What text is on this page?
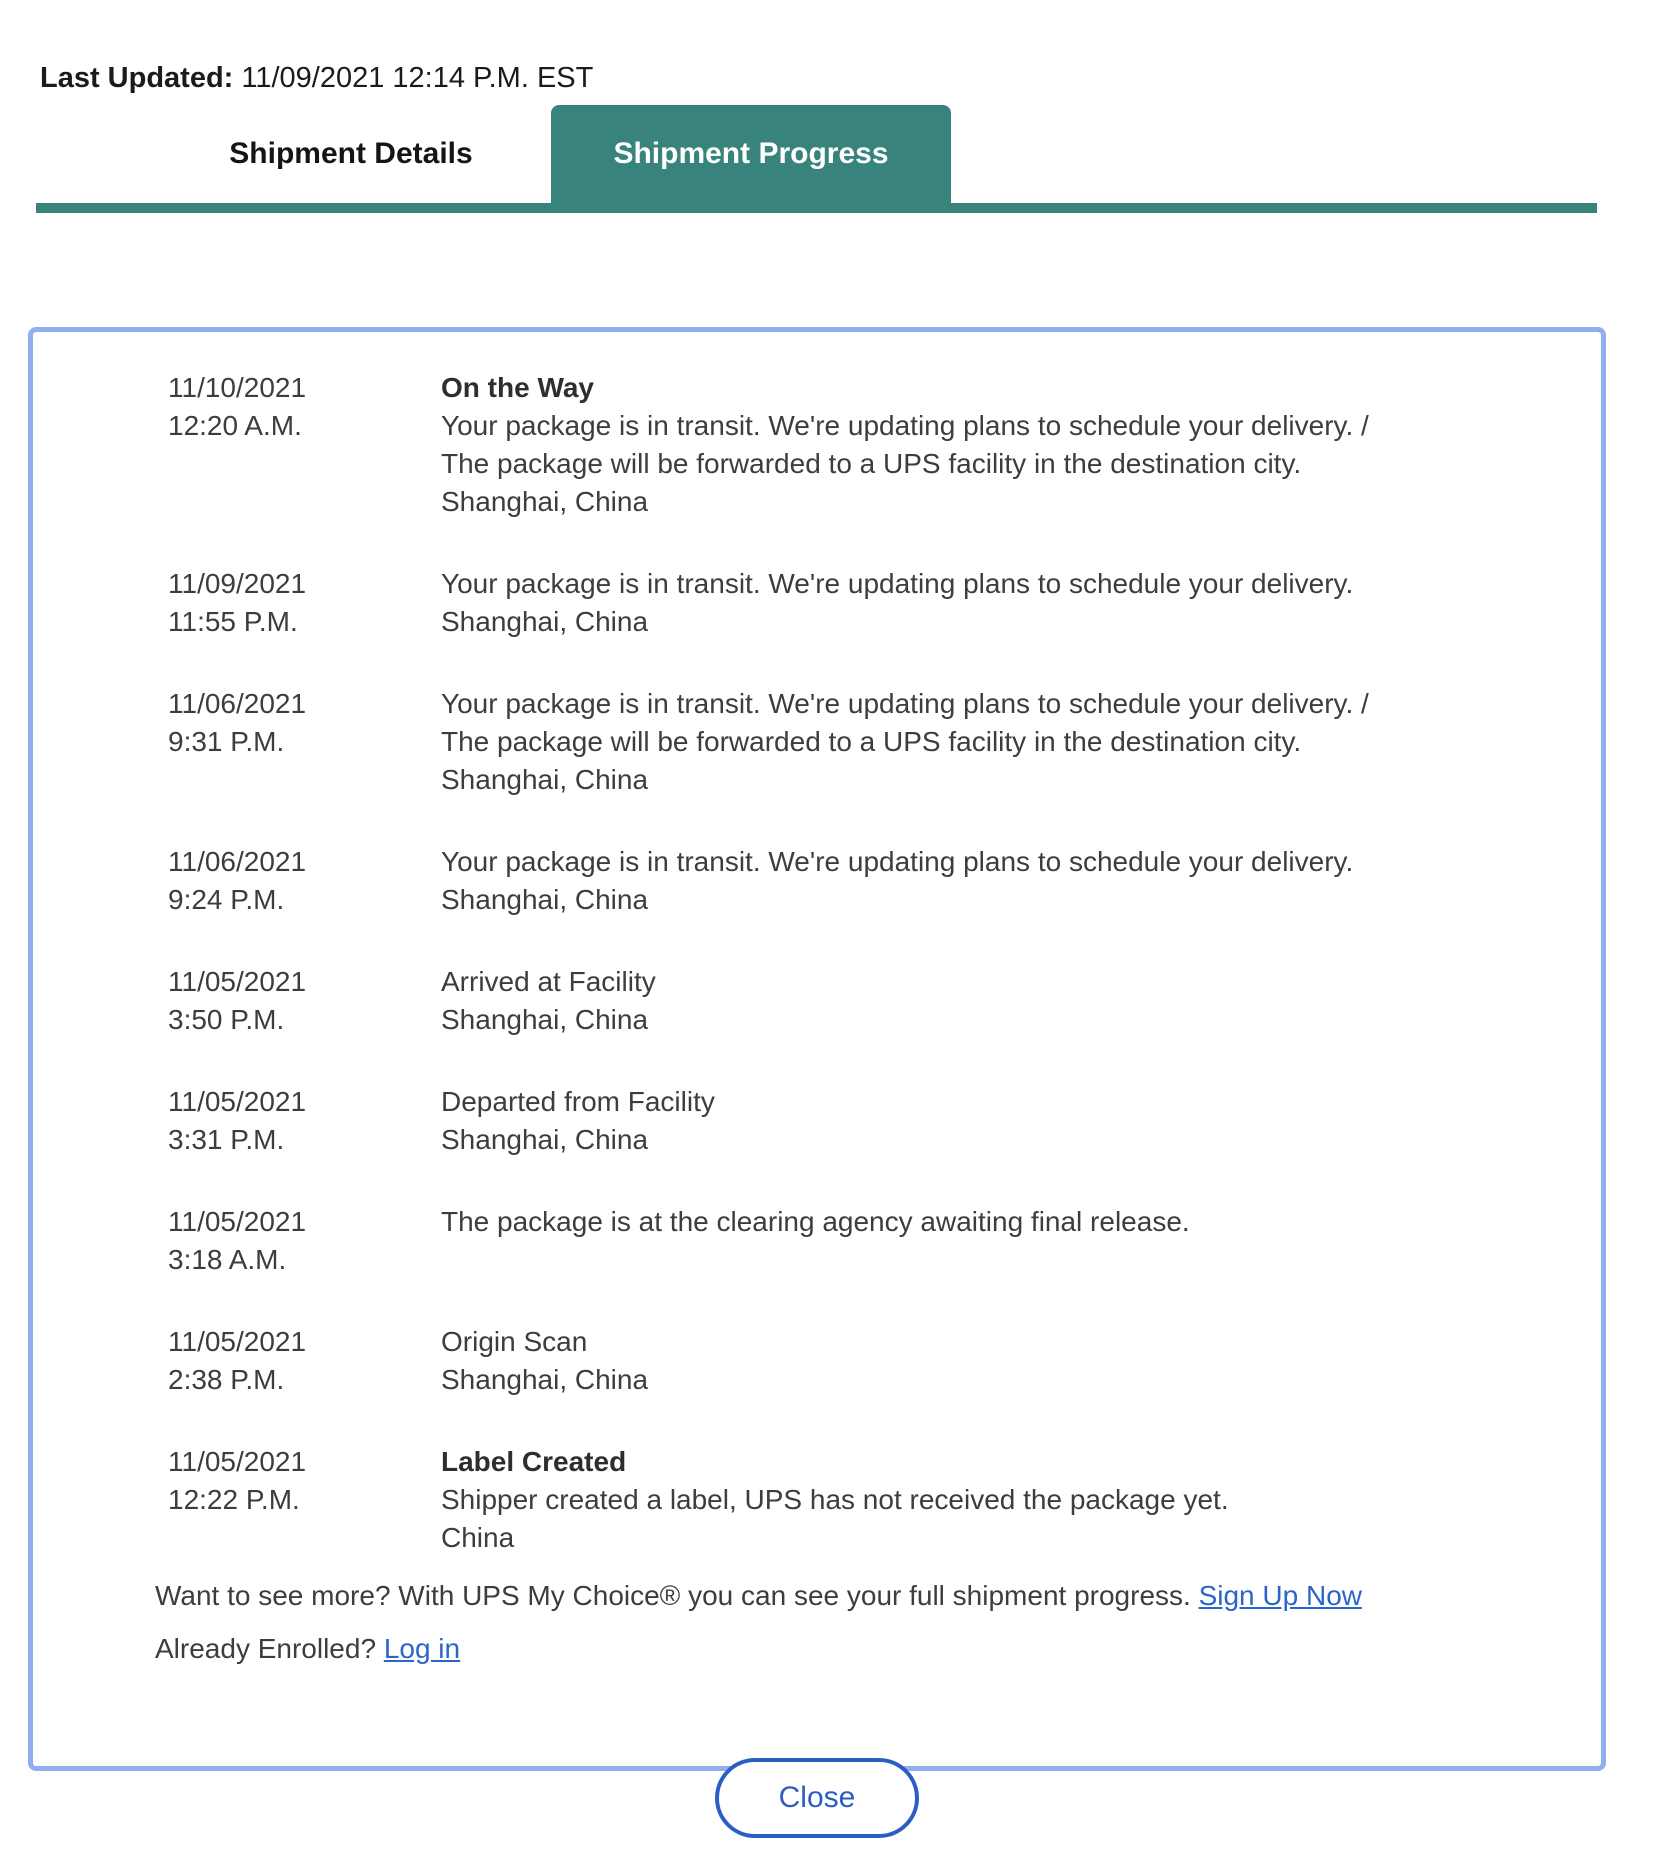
Last Updated: 11/09/2021 12:14 P.M. EST
Shipment Details	Shipment Progress
11/10/2021
12:20 A.M.
On the Way
Your package is in transit. We're updating plans to schedule your delivery. / The package will be forwarded to a UPS facility in the destination city.
Shanghai, China
11/09/2021
11:55 P.M.
Your package is in transit. We're updating plans to schedule your delivery.
Shanghai, China
11/06/2021
9:31 P.M.
Your package is in transit. We're updating plans to schedule your delivery. / The package will be forwarded to a UPS facility in the destination city.
Shanghai, China
11/06/2021
9:24 P.M.
Your package is in transit. We're updating plans to schedule your delivery.
Shanghai, China
11/05/2021
3:50 P.M.
Arrived at Facility
Shanghai, China
11/05/2021
3:31 P.M.
Departed from Facility
Shanghai, China
11/05/2021
3:18 A.M.
The package is at the clearing agency awaiting final release.
11/05/2021
2:38 P.M.
Origin Scan
Shanghai, China
11/05/2021
12:22 P.M.
Label Created
Shipper created a label, UPS has not received the package yet.
China

Want to see more? With UPS My Choice® you can see your full shipment progress. Sign Up Now

Already Enrolled? Log in

Close
